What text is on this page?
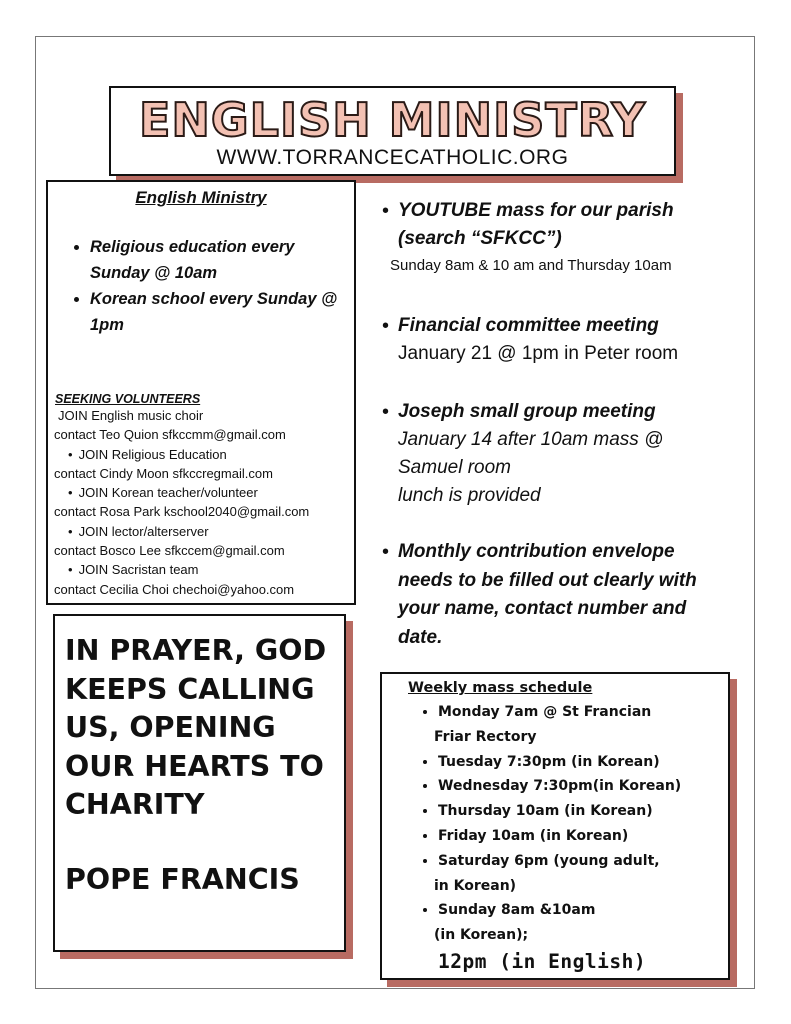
ENGLISH MINISTRY
WWW.TORRANCECATHOLIC.ORG
English Ministry
• Religious education every Sunday @ 10am
• Korean school every Sunday @ 1pm
SEEKING VOLUNTEERS
JOIN English music choir
contact Teo Quion sfkccmm@gmail.com
• JOIN Religious Education
contact Cindy Moon sfkccregmail.com
• JOIN Korean teacher/volunteer
contact Rosa Park kschool2040@gmail.com
• JOIN lector/alterserver
contact Bosco Lee sfkccem@gmail.com
• JOIN Sacristan team
contact Cecilia Choi chechoi@yahoo.com
IN PRAYER, GOD
KEEPS CALLING
US, OPENING
OUR HEARTS TO
CHARITY
POPE FRANCIS
• YOUTUBE mass for our parish
(search “SFKCC”)
Sunday 8am & 10 am and Thursday 10am
• Financial committee meeting
January 21 @ 1pm in Peter room
• Joseph small group meeting
January 14 after 10am mass @
Samuel room
lunch is provided
• Monthly contribution envelope
needs to be filled out clearly with
your name, contact number and
date.
Weekly mass schedule
• Monday 7am @ St Francian
Friar Rectory
• Tuesday 7:30pm (in Korean)
• Wednesday 7:30pm(in Korean)
• Thursday 10am (in Korean)
• Friday 10am (in Korean)
• Saturday 6pm (young adult,
in Korean)
• Sunday 8am &10am
(in Korean);
12pm (in English)
